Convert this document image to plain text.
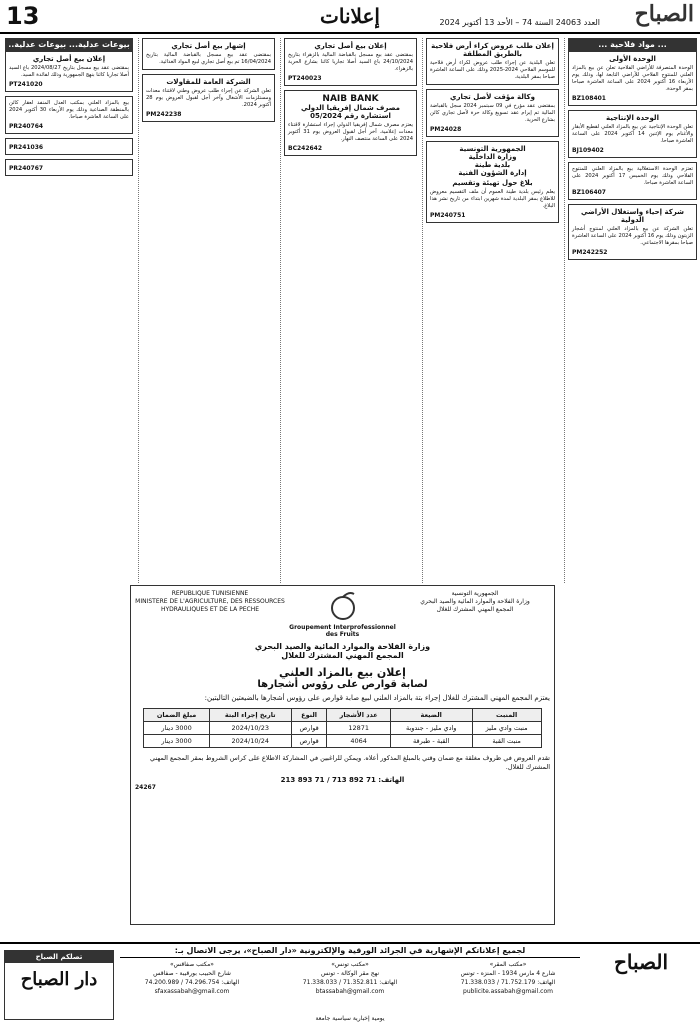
13	إعلانات	الصباح
العدد 24063 السنة 74 – الأحد 13 أكتوبر 2024
... مواد فلاحية ...
الوحدة الأولى

الوحدة المتصرفة للأراضي الفلاحية تعلن عن بيع بالمزاد العلني للمنتوج الفلاحي للأراضي التابعة لها، وذلك يوم الأربعاء 16 أكتوبر 2024 على الساعة العاشرة صباحا بمقر الوحدة.

BZ108401
الوحدة الإنتاجية

تعلن الوحدة الإنتاجية عن بيع بالمزاد العلني لقطيع الأبقار والأغنام يوم الإثنين 14 أكتوبر 2024 على الساعة العاشرة صباحا.

BJ109402

تعتزم الوحدة الاستغلالية بيع بالمزاد العلني للمنتوج الفلاحي وذلك يوم الخميس 17 أكتوبر 2024 على الساعة العاشرة صباحا.

BZ106407
شركة إحياء واستغلال الأراضي الدولية

تعلن الشركة عن بيع بالمزاد العلني لمنتوج أشجار الزيتون وذلك يوم 16 أكتوبر 2024 على الساعة العاشرة صباحا بمقرها الاجتماعي.

PM242252
إعلان طلب عروض كراء أرض فلاحية بالطريق المطلقة

تعلن البلدية عن إجراء طلب عروض لكراء أرض فلاحية للموسم الفلاحي 2024-2025 وذلك على الساعة العاشرة صباحا بمقر البلدية.

وكالة مؤقت لأصل تجاري

بمقتضى عقد مؤرخ في 09 سبتمبر 2024 سجل بالقباضة المالية تم إبرام عقد تسويغ وكالة حرة لأصل تجاري كائن بشارع الحرية.

PM24028
الجمهورية التونسية
وزارة الداخلية
بلدية طينة
إدارة الشؤون الفنية
بلاغ حول تهيئة وتقسيم

يعلم رئيس بلدية طينة العموم أن ملف التقسيم معروض للاطلاع بمقر البلدية لمدة شهرين ابتداء من تاريخ نشر هذا البلاغ.

PM240751
إعلان بيع أصل تجاري

بمقتضى عقد بيع مسجل بالقباضة المالية بالزهراء بتاريخ 24/10/2024 باع السيد أصلا تجاريا كائنا بشارع الحرية بالزهراء.

PT240023
NAIB BANK
مصرف شمال إفريقيا الدولي
استشارة رقم 05/2024

يعتزم مصرف شمال إفريقيا الدولي إجراء استشارة لاقتناء معدات إعلامية. آخر أجل لقبول العروض يوم 31 أكتوبر 2024 على الساعة منتصف النهار.

BC242642
إشهار بيع أصل تجاري

بمقتضى عقد بيع مسجل بالقباضة المالية بتاريخ 16/04/2024 تم بيع أصل تجاري لبيع المواد الغذائية.

الشركة العامة للمقاولات

تعلن الشركة عن إجراء طلب عروض وطني لاقتناء معدات ومستلزمات الأشغال وآخر أجل لقبول العروض يوم 28 أكتوبر 2024.

PM242238
بيوعات عدلية... بيوعات عدلية..
إعلان بيع أصل تجاري

بمقتضى عقد بيع مسجل بتاريخ 2024/08/27 باع السيد أصلا تجاريا كائنا بنهج الجمهورية وذلك لفائدة السيد.

PT241020

بيع بالمزاد العلني بمكتب العدل المنفذ لعقار كائن بالمنطقة الصناعية وذلك يوم الأربعاء 30 أكتوبر 2024 على الساعة العاشرة صباحا.

PR240764
PR241036
PR240767
الجمهورية التونسية
وزارة الفلاحة والموارد المائية والصيد البحري
المجمع المهني المشترك للغلال
Groupement Interprofessionnel des Fruits
REPUBLIQUE TUNISIENNE
MINISTERE DE L'AGRICULTURE, DES RESSOURCES HYDRAULIQUES ET DE LA PECHE
وزارة الفلاحة والموارد المائية والصيد البحري
المجمع المهني المشترك للغلال
إعلان بيع بالمزاد العلني
لصابة قوارص على رؤوس أشجارها

يعتزم المجمع المهني المشترك للغلال إجراء بتة بالمزاد العلني لبيع صابة قوارص على رؤوس أشجارها بالضيعتين التاليتين:

المنبت	الضيعة	عدد الأشجار	النوع	تاريخ إجراء البتة	مبلغ الضمان
منبت وادي مليز	وادي مليز - جندوبة	12871	قوارص	2024/10/23	3000 دينار
منبت القبة	القبة - طبرقة	4064	قوارص	2024/10/24	3000 دينار

تقدم العروض في ظروف مغلقة مع ضمان وقتي بالمبلغ المذكور أعلاه. ويمكن للراغبين في المشاركة الاطلاع على كراس الشروط بمقر المجمع المهني المشترك للغلال.

الهاتف: 71 892 713 / 71 893 213
24267
لجميع إعلاناتكم الإشهارية في الجرائد الورقية والإلكترونية «دار الصباح»، يرجى الاتصال بـ:
«مكتب المقر»
شارع 4 مارس 1934 - المنزه - تونس
الهاتف: 71.752.179 / 71.338.033
publicite.assabah@gmail.com
«مكتب تونس»
نهج مقر الوكالة - تونس
الهاتف: 71.352.811 / 71.338.033
btassabah@gmail.com
«مكتب صفاقس»
شارع الحبيب بورقيبة - صفاقس
الهاتف: 74.296.754 / 74.200.989
sfaxassabah@gmail.com
الصباح
تصلكم الصباح
دار الصباح
يومية إخبارية سياسية جامعة
